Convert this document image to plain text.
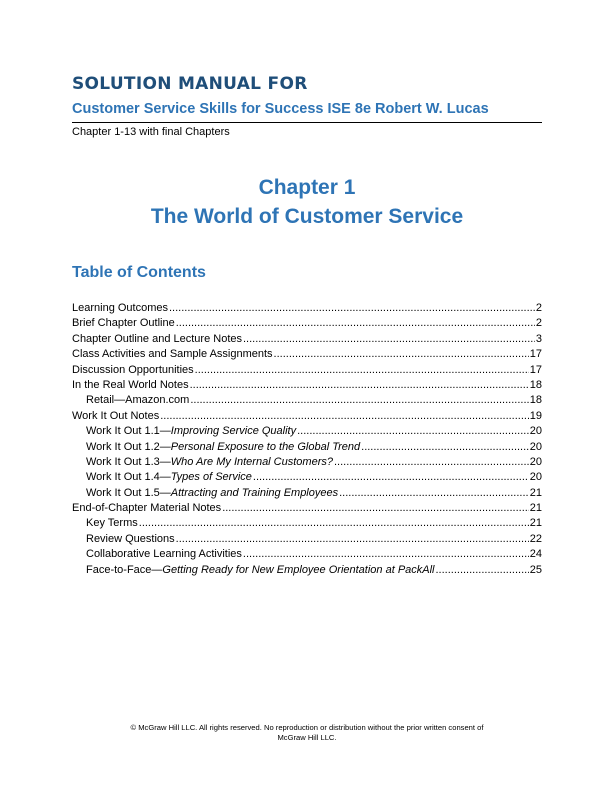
SOLUTION MANUAL FOR
Customer Service Skills for Success ISE 8e Robert W. Lucas
Chapter 1-13 with final Chapters
Chapter 1
The World of Customer Service
Table of Contents
Learning Outcomes .....	2
Brief Chapter Outline .....	2
Chapter Outline and Lecture Notes .....	3
Class Activities and Sample Assignments .....	17
Discussion Opportunities .....	17
In the Real World Notes .....	18
Retail—Amazon.com .....	18
Work It Out Notes .....	19
Work It Out 1.1— Improving Service Quality .....	20
Work It Out 1.2— Personal Exposure to the Global Trend .....	20
Work It Out 1.3— Who Are My Internal Customers? .....	20
Work It Out 1.4— Types of Service .....	20
Work It Out 1.5— Attracting and Training Employees .....	21
End-of-Chapter Material Notes .....	21
Key Terms .....	21
Review Questions .....	22
Collaborative Learning Activities .....	24
Face-to-Face— Getting Ready for New Employee Orientation at PackAll .....	25
© McGraw Hill LLC. All rights reserved. No reproduction or distribution without the prior written consent of
McGraw Hill LLC.
